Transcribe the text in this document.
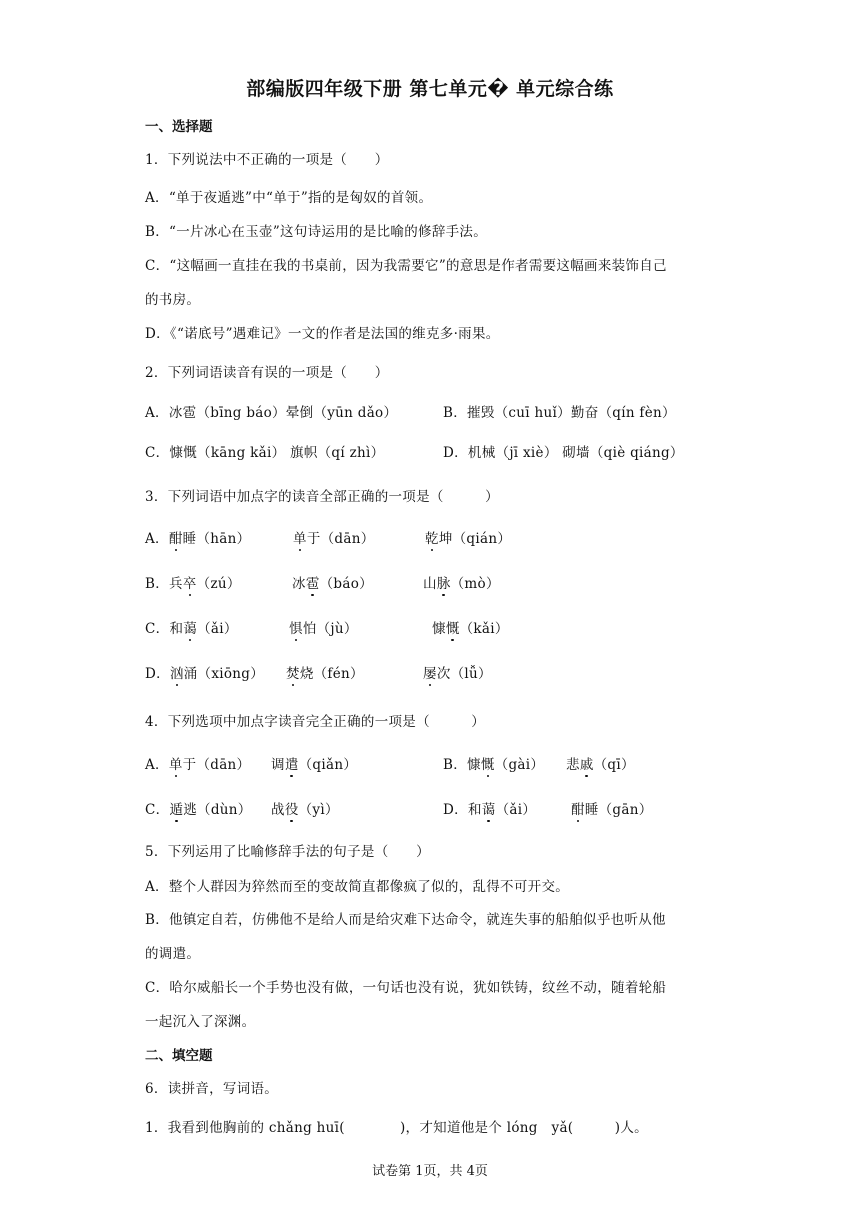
部编版四年级下册 第七单元� 单元综合练
一、选择题
1．下列说法中不正确的一项是（　　）
A．“单于夜遁逃”中“单于”指的是匈奴的首领。
B．“一片冰心在玉壶”这句诗运用的是比喻的修辞手法。
C．“这幅画一直挂在我的书桌前，因为我需要它”的意思是作者需要这幅画来装饰自己
的书房。
D．《“诺底号”遇难记》一文的作者是法国的维克多·雨果。
2．下列词语读音有误的一项是（　　）
A．冰雹（bīng báo）晕倒（yūn dǎo）	B．摧毁（cuī huǐ）勤奋（qín fèn）
C．慷慨（kāng kǎi） 旗帜（qí zhì）	D．机械（jī xiè） 砌墙（qiè qiáng）
3．下列词语中加点字的读音全部正确的一项是（　　　）
A．酣睡（hān）	单于（dān）	乾坤（qián）
B．兵卒（zú）	冰雹（báo）	山脉（mò）
C．和蔼（ǎi）	惧怕（jù）	慷慨（kǎi）
D．汹涌（xiōng） 焚烧（fén）	屡次（lǚ）
4．下列选项中加点字读音完全正确的一项是（　　　）
A．单于（dān） 调遣（qiǎn）	B．慷慨（gài） 悲戚（qī）
C．遁逃（dùn） 战役（yì）	D．和蔼（ǎi）	酣睡（gān）
5．下列运用了比喻修辞手法的句子是（　　）
A．整个人群因为猝然而至的变故简直都像疯了似的，乱得不可开交。
B．他镇定自若，仿佛他不是给人而是给灾难下达命令，就连失事的船舶似乎也听从他
的调遣。
C．哈尔威船长一个手势也没有做，一句话也没有说，犹如铁铸，纹丝不动，随着轮船
一起沉入了深渊。
二、填空题
6．读拼音，写词语。
1．我看到他胸前的 chǎng huī(　　　　)，才知道他是个 lóng　yǎ(　　　)人。
试卷第 1页，共 4页
